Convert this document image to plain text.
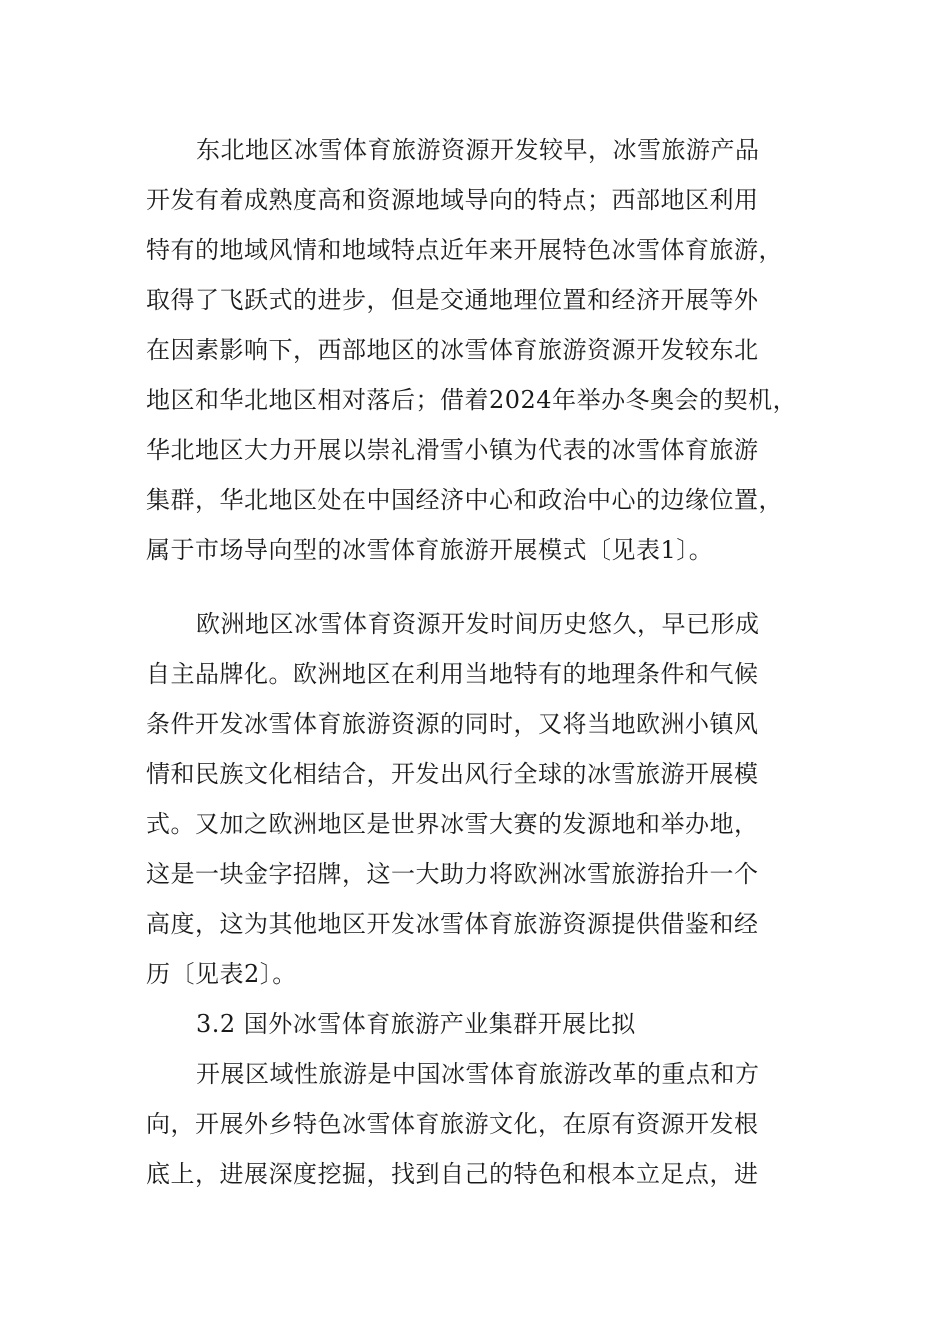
东北地区冰雪体育旅游资源开发较早，冰雪旅游产品
开发有着成熟度高和资源地域导向的特点；西部地区利用
特有的地域风情和地域特点近年来开展特色冰雪体育旅游，
取得了飞跃式的进步，但是交通地理位置和经济开展等外
在因素影响下，西部地区的冰雪体育旅游资源开发较东北
地区和华北地区相对落后；借着2024年举办冬奥会的契机，
华北地区大力开展以崇礼滑雪小镇为代表的冰雪体育旅游
集群，华北地区处在中国经济中心和政治中心的边缘位置，
属于市场导向型的冰雪体育旅游开展模式〔见表1〕。
欧洲地区冰雪体育资源开发时间历史悠久，早已形成
自主品牌化。欧洲地区在利用当地特有的地理条件和气候
条件开发冰雪体育旅游资源的同时，又将当地欧洲小镇风
情和民族文化相结合，开发出风行全球的冰雪旅游开展模
式。又加之欧洲地区是世界冰雪大赛的发源地和举办地，
这是一块金字招牌，这一大助力将欧洲冰雪旅游抬升一个
高度，这为其他地区开发冰雪体育旅游资源提供借鉴和经
历〔见表2〕。
3.2 国外冰雪体育旅游产业集群开展比拟
开展区域性旅游是中国冰雪体育旅游改革的重点和方
向，开展外乡特色冰雪体育旅游文化，在原有资源开发根
底上，进展深度挖掘，找到自己的特色和根本立足点，进
